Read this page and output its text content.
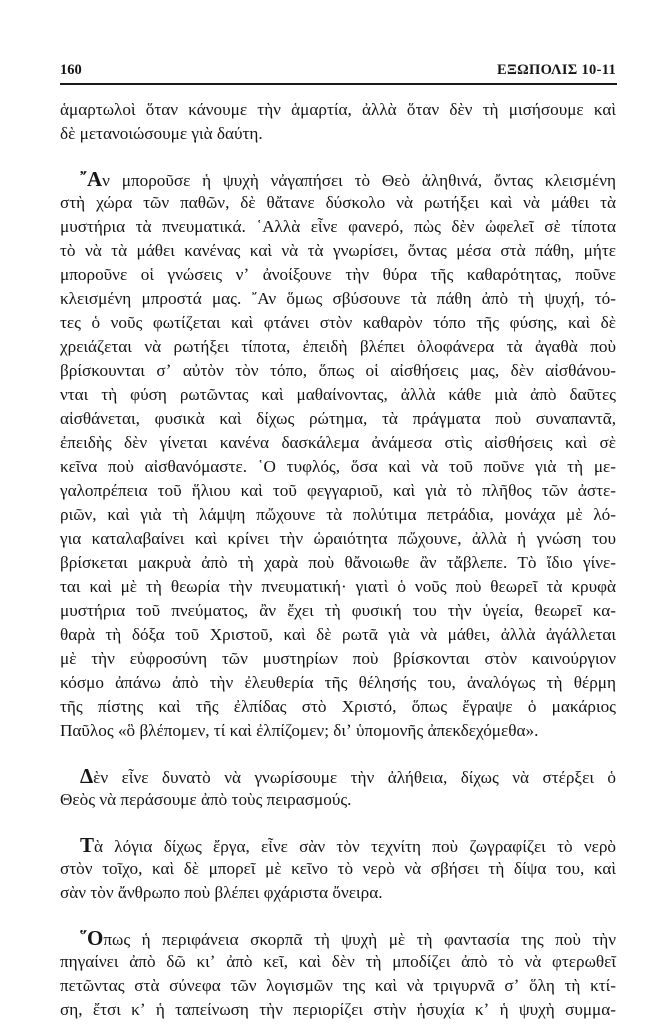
160	ΕΞΩΠΟΛΙΣ 10-11
ἁμαρτωλοὶ ὅταν κάνουμε τὴν ἁμαρτία, ἀλλὰ ὅταν δὲν τὴ μισήσουμε καὶ
δὲ μετανοιώσουμε γιὰ δαύτη.
῎Αν μποροῦσε ἡ ψυχὴ νἀγαπήσει τὸ Θεὸ ἀληθινά, ὄντας κλεισμένη
στὴ χώρα τῶν παθῶν, δὲ θἄτανε δύσκολο νὰ ρωτήξει καὶ νὰ μάθει τὰ
μυστήρια τὰ πνευματικά. ῾Αλλὰ εἶνε φανερό, πὼς δὲν ὠφελεῖ σὲ τίποτα
τὸ νὰ τὰ μάθει κανένας καὶ νὰ τὰ γνωρίσει, ὄντας μέσα στὰ πάθη, μήτε
μποροῦνε οἱ γνώσεις νʼ ἀνοίξουνε τὴν θύρα τῆς καθαρότητας, ποῦνε
κλεισμένη μπροστά μας. ῎Αν ὅμως σβύσουνε τὰ πάθη ἀπὸ τὴ ψυχή, τό-
τες ὁ νοῦς φωτίζεται καὶ φτάνει στὸν καθαρὸν τόπο τῆς φύσης, καὶ δὲ
χρειάζεται νὰ ρωτήξει τίποτα, ἐπειδὴ βλέπει ὁλοφάνερα τὰ ἀγαθὰ ποὺ
βρίσκουνται σʼ αὐτὸν τὸν τόπο, ὅπως οἱ αἰσθήσεις μας, δὲν αἰσθάνου-
νται τὴ φύση ρωτῶντας καὶ μαθαίνοντας, ἀλλὰ κάθε μιὰ ἀπὸ δαῦτες
αἰσθάνεται, φυσικὰ καὶ δίχως ρώτημα, τὰ πράγματα ποὺ συναπαντᾶ,
ἐπειδὴς δὲν γίνεται κανένα δασκάλεμα ἀνάμεσα στὶς αἰσθήσεις καὶ σὲ
κεῖνα ποὺ αἰσθανόμαστε. ῾Ο τυφλός, ὅσα καὶ νὰ τοῦ ποῦνε γιὰ τὴ με-
γαλοπρέπεια τοῦ ἥλιου καὶ τοῦ φεγγαριοῦ, καὶ γιὰ τὸ πλῆθος τῶν ἀστε-
ριῶν, καὶ γιὰ τὴ λάμψη πὤχουνε τὰ πολύτιμα πετράδια, μονάχα μὲ λό-
για καταλαβαίνει καὶ κρίνει τὴν ὡραιότητα πὤχουνε, ἀλλὰ ἡ γνώση του
βρίσκεται μακρυὰ ἀπὸ τὴ χαρὰ ποὺ θἄνοιωθε ἂν τἄβλεπε. Τὸ ἴδιο γίνε-
ται καὶ μὲ τὴ θεωρία τὴν πνευματική· γιατὶ ὁ νοῦς ποὺ θεωρεῖ τὰ κρυφὰ
μυστήρια τοῦ πνεύματος, ἂν ἔχει τὴ φυσική του τὴν ὑγεία, θεωρεῖ κα-
θαρὰ τὴ δόξα τοῦ Χριστοῦ, καὶ δὲ ρωτᾶ γιὰ νὰ μάθει, ἀλλὰ ἀγάλλεται
μὲ τὴν εὐφροσύνη τῶν μυστηρίων ποὺ βρίσκονται στὸν καινούργιον
κόσμο ἀπάνω ἀπὸ τὴν ἐλευθερία τῆς θέλησής του, ἀναλόγως τὴ θέρμη
τῆς πίστης καὶ τῆς ἐλπίδας στὸ Χριστό, ὅπως ἔγραψε ὁ μακάριος
Παῦλος «ὃ βλέπομεν, τί καὶ ἐλπίζομεν; διʼ ὑπομονῆς ἀπεκδεχόμεθα».
Δὲν εἶνε δυνατὸ νὰ γνωρίσουμε τὴν ἀλήθεια, δίχως νὰ στέρξει ὁ
Θεὸς νὰ περάσουμε ἀπὸ τοὺς πειρασμούς.
Τὰ λόγια δίχως ἔργα, εἶνε σὰν τὸν τεχνίτη ποὺ ζωγραφίζει τὸ νερὸ
στὸν τοῖχο, καὶ δὲ μπορεῖ μὲ κεῖνο τὸ νερὸ νὰ σβήσει τὴ δίψα του, καὶ
σὰν τὸν ἄνθρωπο ποὺ βλέπει φχάριστα ὄνειρα.
῞Οπως ἡ περιφάνεια σκορπᾶ τὴ ψυχὴ μὲ τὴ φαντασία της ποὺ τὴν
πηγαίνει ἀπὸ δῶ κιʼ ἀπὸ κεῖ, καὶ δὲν τὴ μποδίζει ἀπὸ τὸ νὰ φτερωθεῖ
πετῶντας στὰ σύνεφα τῶν λογισμῶν της καὶ νὰ τριγυρνᾶ σʼ ὅλη τὴ κτί-
ση, ἔτσι κʼ ἡ ταπείνωση τὴν περιορίζει στὴν ἡσυχία κʼ ἡ ψυχὴ συμμα-
